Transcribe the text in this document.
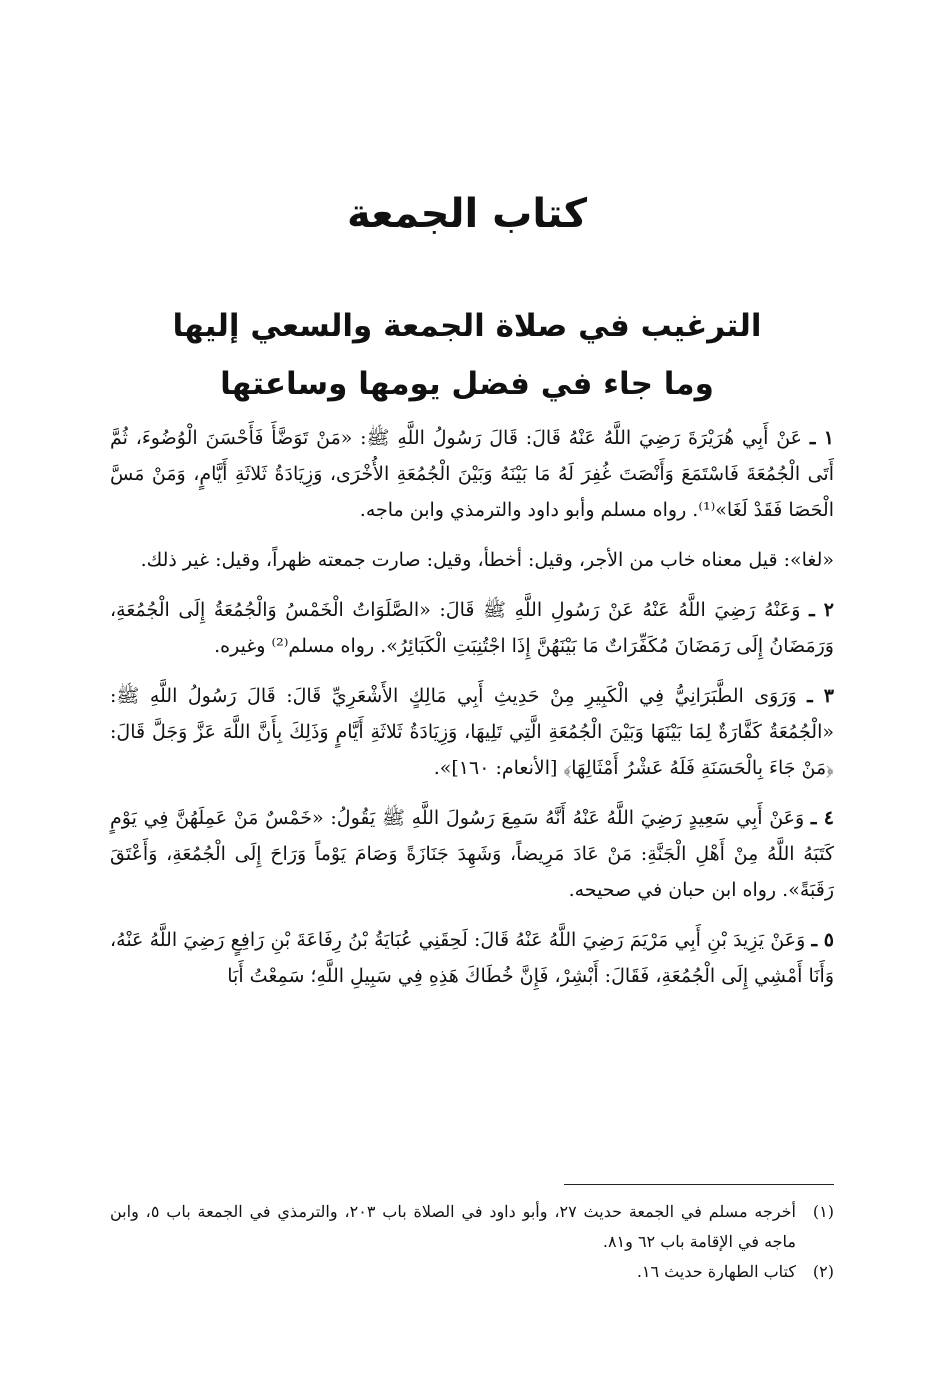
كتاب الجمعة
الترغيب في صلاة الجمعة والسعي إليها
وما جاء في فضل يومها وساعتها

١ ـ عَنْ أَبِي هُرَيْرَةَ رَضِيَ اللَّهُ عَنْهُ قَالَ: قَالَ رَسُولُ اللَّهِ ﷺ: «مَنْ تَوَضَّأَ فَأَحْسَنَ الْوُضُوءَ، ثُمَّ أَتَى الْجُمُعَةَ فَاسْتَمَعَ وَأَنْصَتَ غُفِرَ لَهُ مَا بَيْنَهُ وَبَيْنَ الْجُمُعَةِ الأُخْرَى، وَزِيَادَةُ ثَلاثَةِ أَيَّامٍ، وَمَنْ مَسَّ الْحَصَا فَقَدْ لَغَا»⁽¹⁾. رواه مسلم وأبو داود والترمذي وابن ماجه.

«لغا»: قيل معناه خاب من الأجر، وقيل: أخطأ، وقيل: صارت جمعته ظهراً، وقيل: غير ذلك.

٢ ـ وَعَنْهُ رَضِيَ اللَّهُ عَنْهُ عَنْ رَسُولِ اللَّهِ ﷺ قَالَ: «الصَّلَوَاتُ الْخَمْسُ وَالْجُمُعَةُ إِلَى الْجُمُعَةِ، وَرَمَضَانُ إِلَى رَمَضَانَ مُكَفِّرَاتٌ مَا بَيْنَهُنَّ إِذَا اجْتُنِبَتِ الْكَبَائِرُ». رواه مسلم⁽²⁾ وغيره.

٣ ـ وَرَوَى الطَّبَرَانِيُّ فِي الْكَبِيرِ مِنْ حَدِيثِ أَبِي مَالِكٍ الأَشْعَرِيِّ قَالَ: قَالَ رَسُولُ اللَّهِ ﷺ: «الْجُمُعَةُ كَفَّارَةٌ لِمَا بَيْنَهَا وَبَيْنَ الْجُمُعَةِ الَّتِي تَلِيهَا، وَزِيَادَةُ ثَلاثَةِ أَيَّامٍ وَذَلِكَ بِأَنَّ اللَّهَ عَزَّ وَجَلَّ قَالَ: ﴿مَنْ جَاءَ بِالْحَسَنَةِ فَلَهُ عَشْرُ أَمْثَالِهَا﴾ [الأنعام: ١٦٠]».

٤ ـ وَعَنْ أَبِي سَعِيدٍ رَضِيَ اللَّهُ عَنْهُ أَنَّهُ سَمِعَ رَسُولَ اللَّهِ ﷺ يَقُولُ: «خَمْسٌ مَنْ عَمِلَهُنَّ فِي يَوْمٍ كَتَبَهُ اللَّهُ مِنْ أَهْلِ الْجَنَّةِ: مَنْ عَادَ مَرِيضاً، وَشَهِدَ جَنَازَةً وَصَامَ يَوْماً وَرَاحَ إِلَى الْجُمُعَةِ، وَأَعْتَقَ رَقَبَةً». رواه ابن حبان في صحيحه.

٥ ـ وَعَنْ يَزِيدَ بْنِ أَبِي مَرْيَمَ رَضِيَ اللَّهُ عَنْهُ قَالَ: لَحِقَنِي عُبَايَةُ بْنُ رِفَاعَةَ بْنِ رَافِعٍ رَضِيَ اللَّهُ عَنْهُ، وَأَنَا أَمْشِي إِلَى الْجُمُعَةِ، فَقَالَ: أَبْشِرْ، فَإِنَّ خُطَاكَ هَذِهِ فِي سَبِيلِ اللَّهِ؛ سَمِعْتُ أَبَا

(١)
أخرجه مسلم في الجمعة حديث ٢٧، وأبو داود في الصلاة باب ٢٠٣، والترمذي في الجمعة باب ٥، وابن ماجه في الإقامة باب ٦٢ و٨١.
(٢)
كتاب الطهارة حديث ١٦.
